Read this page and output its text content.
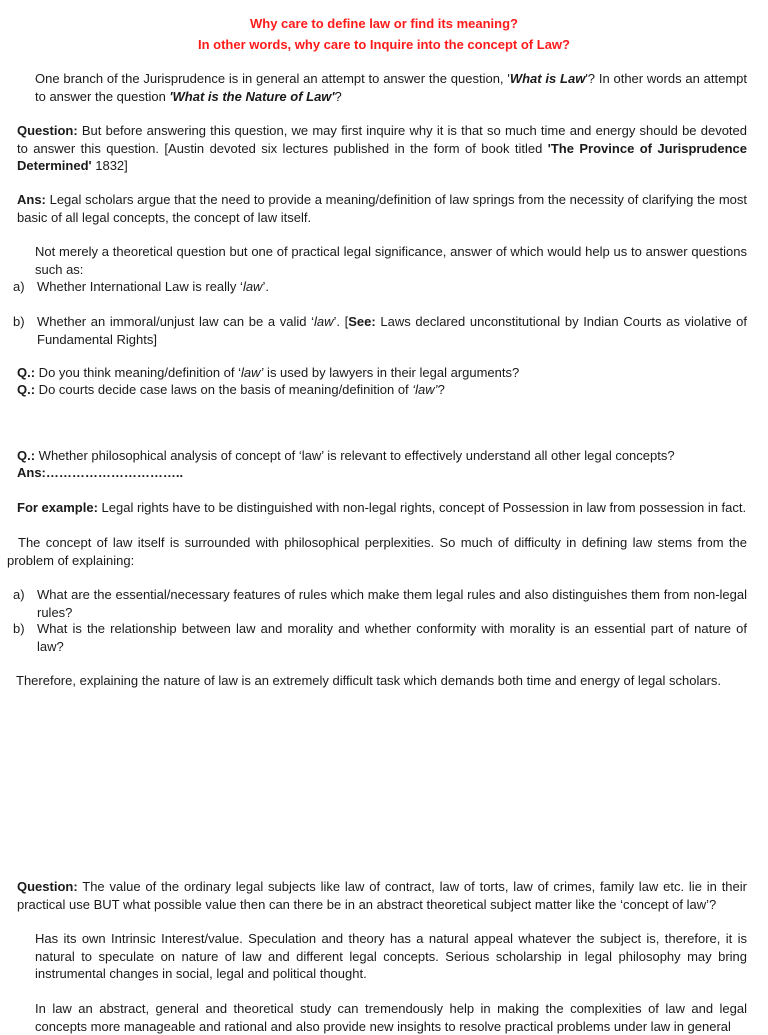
Why care to define law or find its meaning?
In other words, why care to Inquire into the concept of Law?
One branch of the Jurisprudence is in general an attempt to answer the question, 'What is Law'? In other words an attempt to answer the question 'What is the Nature of Law'?

Question: But before answering this question, we may first inquire why it is that so much time and energy should be devoted to answer this question. [Austin devoted six lectures published in the form of book titled 'The Province of Jurisprudence Determined' 1832]

Ans: Legal scholars argue that the need to provide a meaning/definition of law springs from the necessity of clarifying the most basic of all legal concepts, the concept of law itself.

Not merely a theoretical question but one of practical legal significance, answer of which would help us to answer questions such as:
a) Whether International Law is really ‘law’.
b) Whether an immoral/unjust law can be a valid ‘law’. [See: Laws declared unconstitutional by Indian Courts as violative of Fundamental Rights]

Q.: Do you think meaning/definition of ‘law’ is used by lawyers in their legal arguments?

Q.: Do courts decide case laws on the basis of meaning/definition of ‘law’?

Q.: Whether philosophical analysis of concept of ‘law’ is relevant to effectively understand all other legal concepts?

Ans:…………………………..

For example: Legal rights have to be distinguished with non-legal rights, concept of Possession in law from possession in fact.

The concept of law itself is surrounded with philosophical perplexities. So much of difficulty in defining law stems from the problem of explaining:
a) What are the essential/necessary features of rules which make them legal rules and also distinguishes them from non-legal rules?
b) What is the relationship between law and morality and whether conformity with morality is an essential part of nature of law?

Therefore, explaining the nature of law is an extremely difficult task which demands both time and energy of legal scholars.

Question: The value of the ordinary legal subjects like law of contract, law of torts, law of crimes, family law etc. lie in their practical use BUT what possible value then can there be in an abstract theoretical subject matter like the ‘concept of law’?

Has its own Intrinsic Interest/value. Speculation and theory has a natural appeal whatever the subject is, therefore, it is natural to speculate on nature of law and different legal concepts. Serious scholarship in legal philosophy may bring instrumental changes in social, legal and political thought.
In law an abstract, general and theoretical study can tremendously help in making the complexities of law and legal concepts more manageable and rational and also provide new insights to resolve practical problems under law in general
